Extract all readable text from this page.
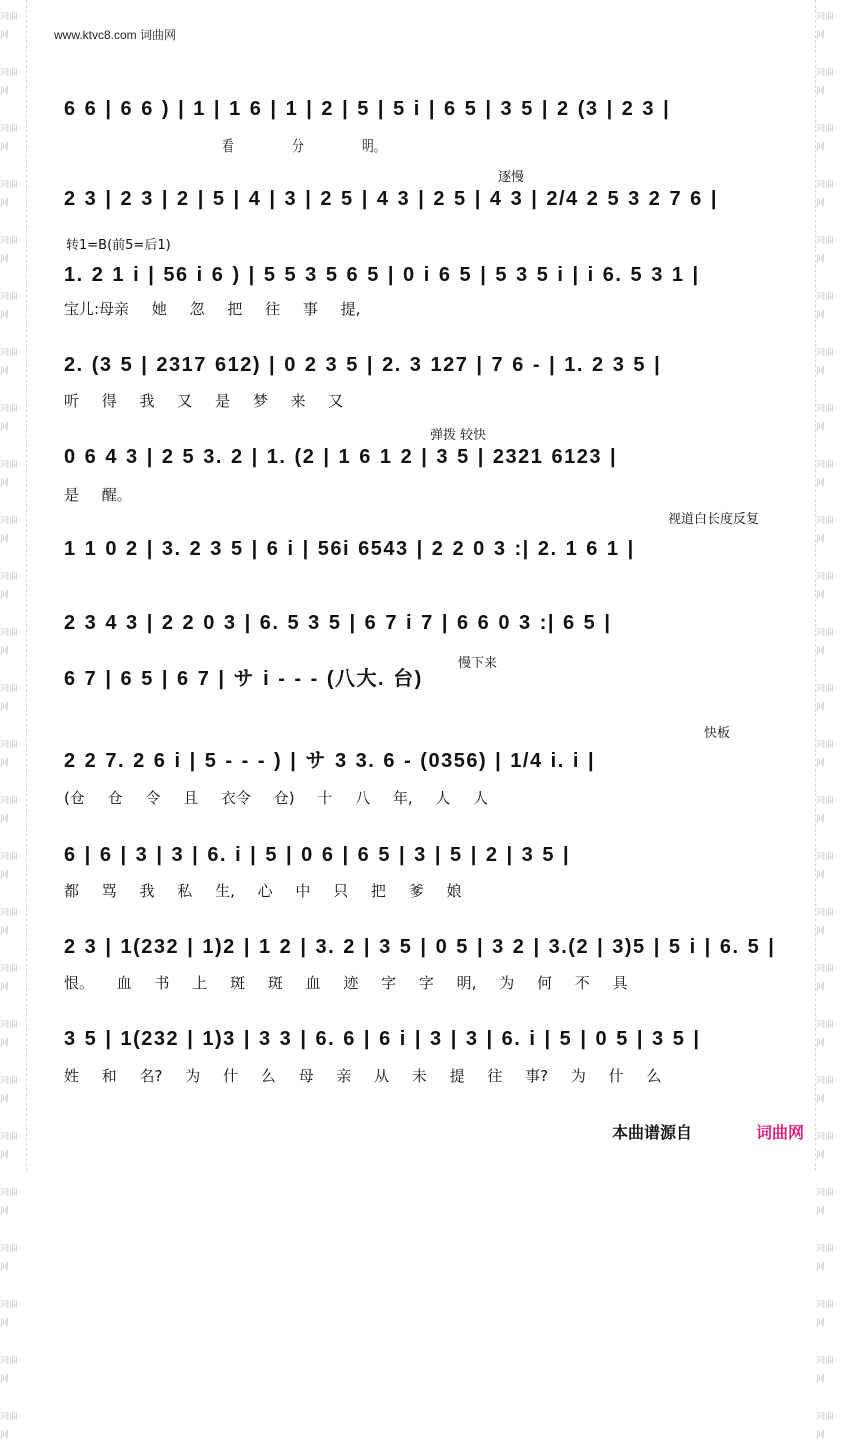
词曲网
词曲网
词曲网
词曲网
词曲网
词曲网
词曲网
词曲网
词曲网
词曲网
词曲网
词曲网
词曲网
词曲网
词曲网
词曲网
词曲网
词曲网
词曲网
词曲网
词曲网
词曲网
词曲网
词曲网
词曲网
词曲网
词曲网
词曲网
词曲网
词曲网
词曲网
词曲网
词曲网
词曲网
词曲网
词曲网
词曲网
词曲网
词曲网
词曲网
词曲网
词曲网
词曲网
词曲网
词曲网
词曲网
词曲网
词曲网
词曲网
词曲网
词曲网
词曲网
www.ktvc8.com 词曲网
6 6 | 6 6 ) | 1 | 1 6 | 1 | 2 | 5 | 5 i | 6 5 | 3 5 | 2 (3 | 2 3 |
看 分 明。
2 3 | 2 3 | 2 | 5 | 4 | 3 | 2 5 | 4 3 | 2 5 | 4 3 | 2/4 2 5 3 2 7 6 |
逐慢
1. 2 1 i | 56 i 6 ) | 5 5 3 5 6 5 | 0 i 6 5 | 5 3 5 i | i 6. 5 3 1 |
宝儿:母亲 她 忽 把 往 事 提,
转1=B(前5=后1)
2. (3 5 | 2317 612) | 0 2 3 5 | 2. 3 127 | 7 6 - | 1. 2 3 5 |
听 得 我 又 是 梦 来 又
0 6 4 3 | 2 5 3. 2 | 1. (2 | 1 6 1 2 | 3 5 | 2321 6123 |
是 醒。
弹拨 较快
1 1 0 2 | 3. 2 3 5 | 6 i | 56i 6543 | 2 2 0 3 :| 2. 1 6 1 |
视道白长度反复
2 3 4 3 | 2 2 0 3 | 6. 5 3 5 | 6 7 i 7 | 6 6 0 3 :| 6 5 |
6 7 | 6 5 | 6 7 | サ i - - - (八大. 台)
慢下来
2 2 7. 2 6 i | 5 - - - ) | サ 3 3. 6 - (0356) | 1/4 i. i |
(仓 仓 令 且 衣令 仓) 十 八 年, 人 人
快板
6 | 6 | 3 | 3 | 6. i | 5 | 0 6 | 6 5 | 3 | 5 | 2 | 3 5 |
都 骂 我 私 生, 心 中 只 把 爹 娘
2 3 | 1(232 | 1)2 | 1 2 | 3. 2 | 3 5 | 0 5 | 3 2 | 3.(2 | 3)5 | 5 i | 6. 5 |
恨。 血 书 上 斑 斑 血 迹 字 字 明, 为 何 不 具
3 5 | 1(232 | 1)3 | 3 3 | 6. 6 | 6 i | 3 | 3 | 6. i | 5 | 0 5 | 3 5 |
姓 和 名? 为 什 么 母 亲 从 未 提 往 事? 为 什 么
本曲谱源自	词曲网
